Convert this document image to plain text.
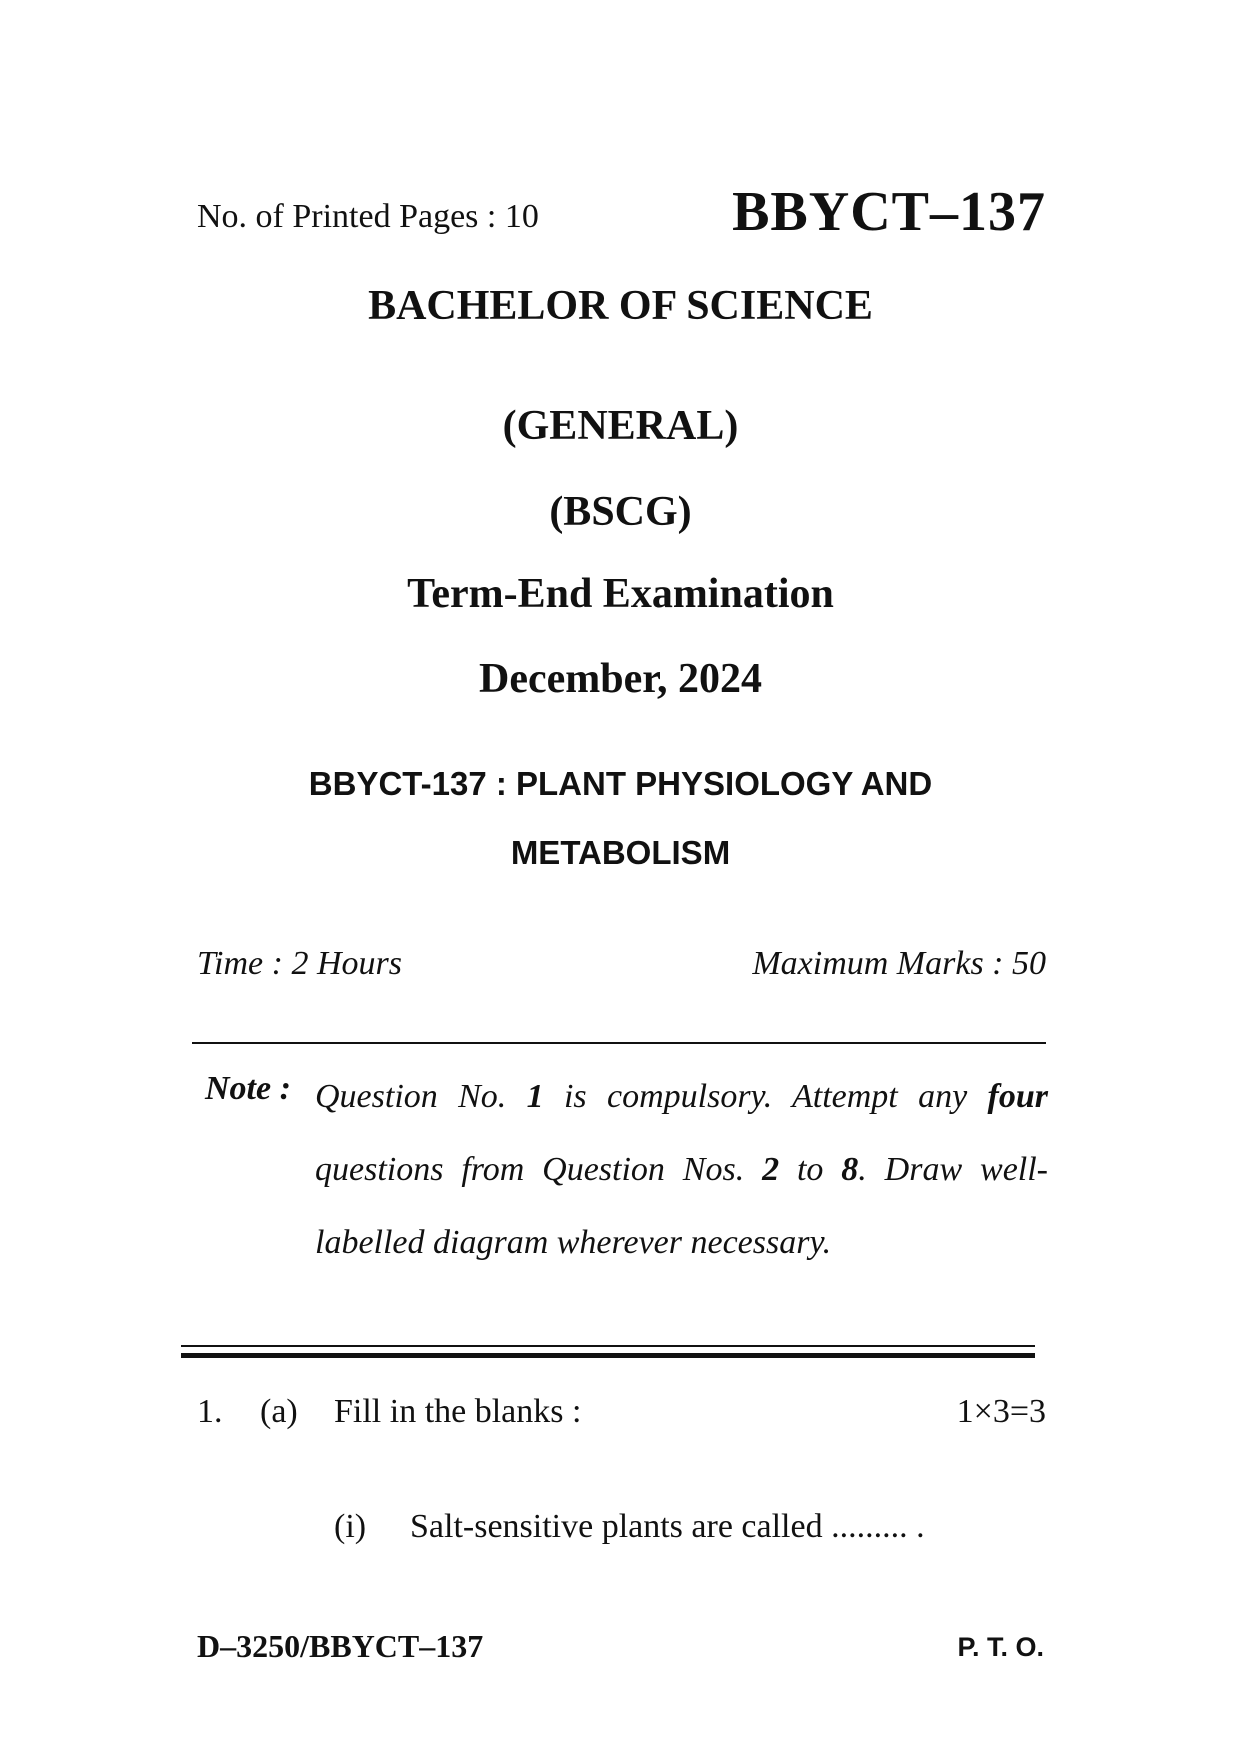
No. of Printed Pages : 10	BBYCT–137
BACHELOR OF SCIENCE
(GENERAL)
(BSCG)
Term-End Examination
December, 2024
BBYCT-137 : PLANT PHYSIOLOGY AND
METABOLISM
Time : 2 Hours	Maximum Marks : 50
Note : Question No. 1 is compulsory. Attempt any four questions from Question Nos. 2 to 8. Draw well-labelled diagram wherever necessary.
1. (a) Fill in the blanks :	1×3=3
(i) Salt-sensitive plants are called ......... .
D–3250/BBYCT–137	P. T. O.
